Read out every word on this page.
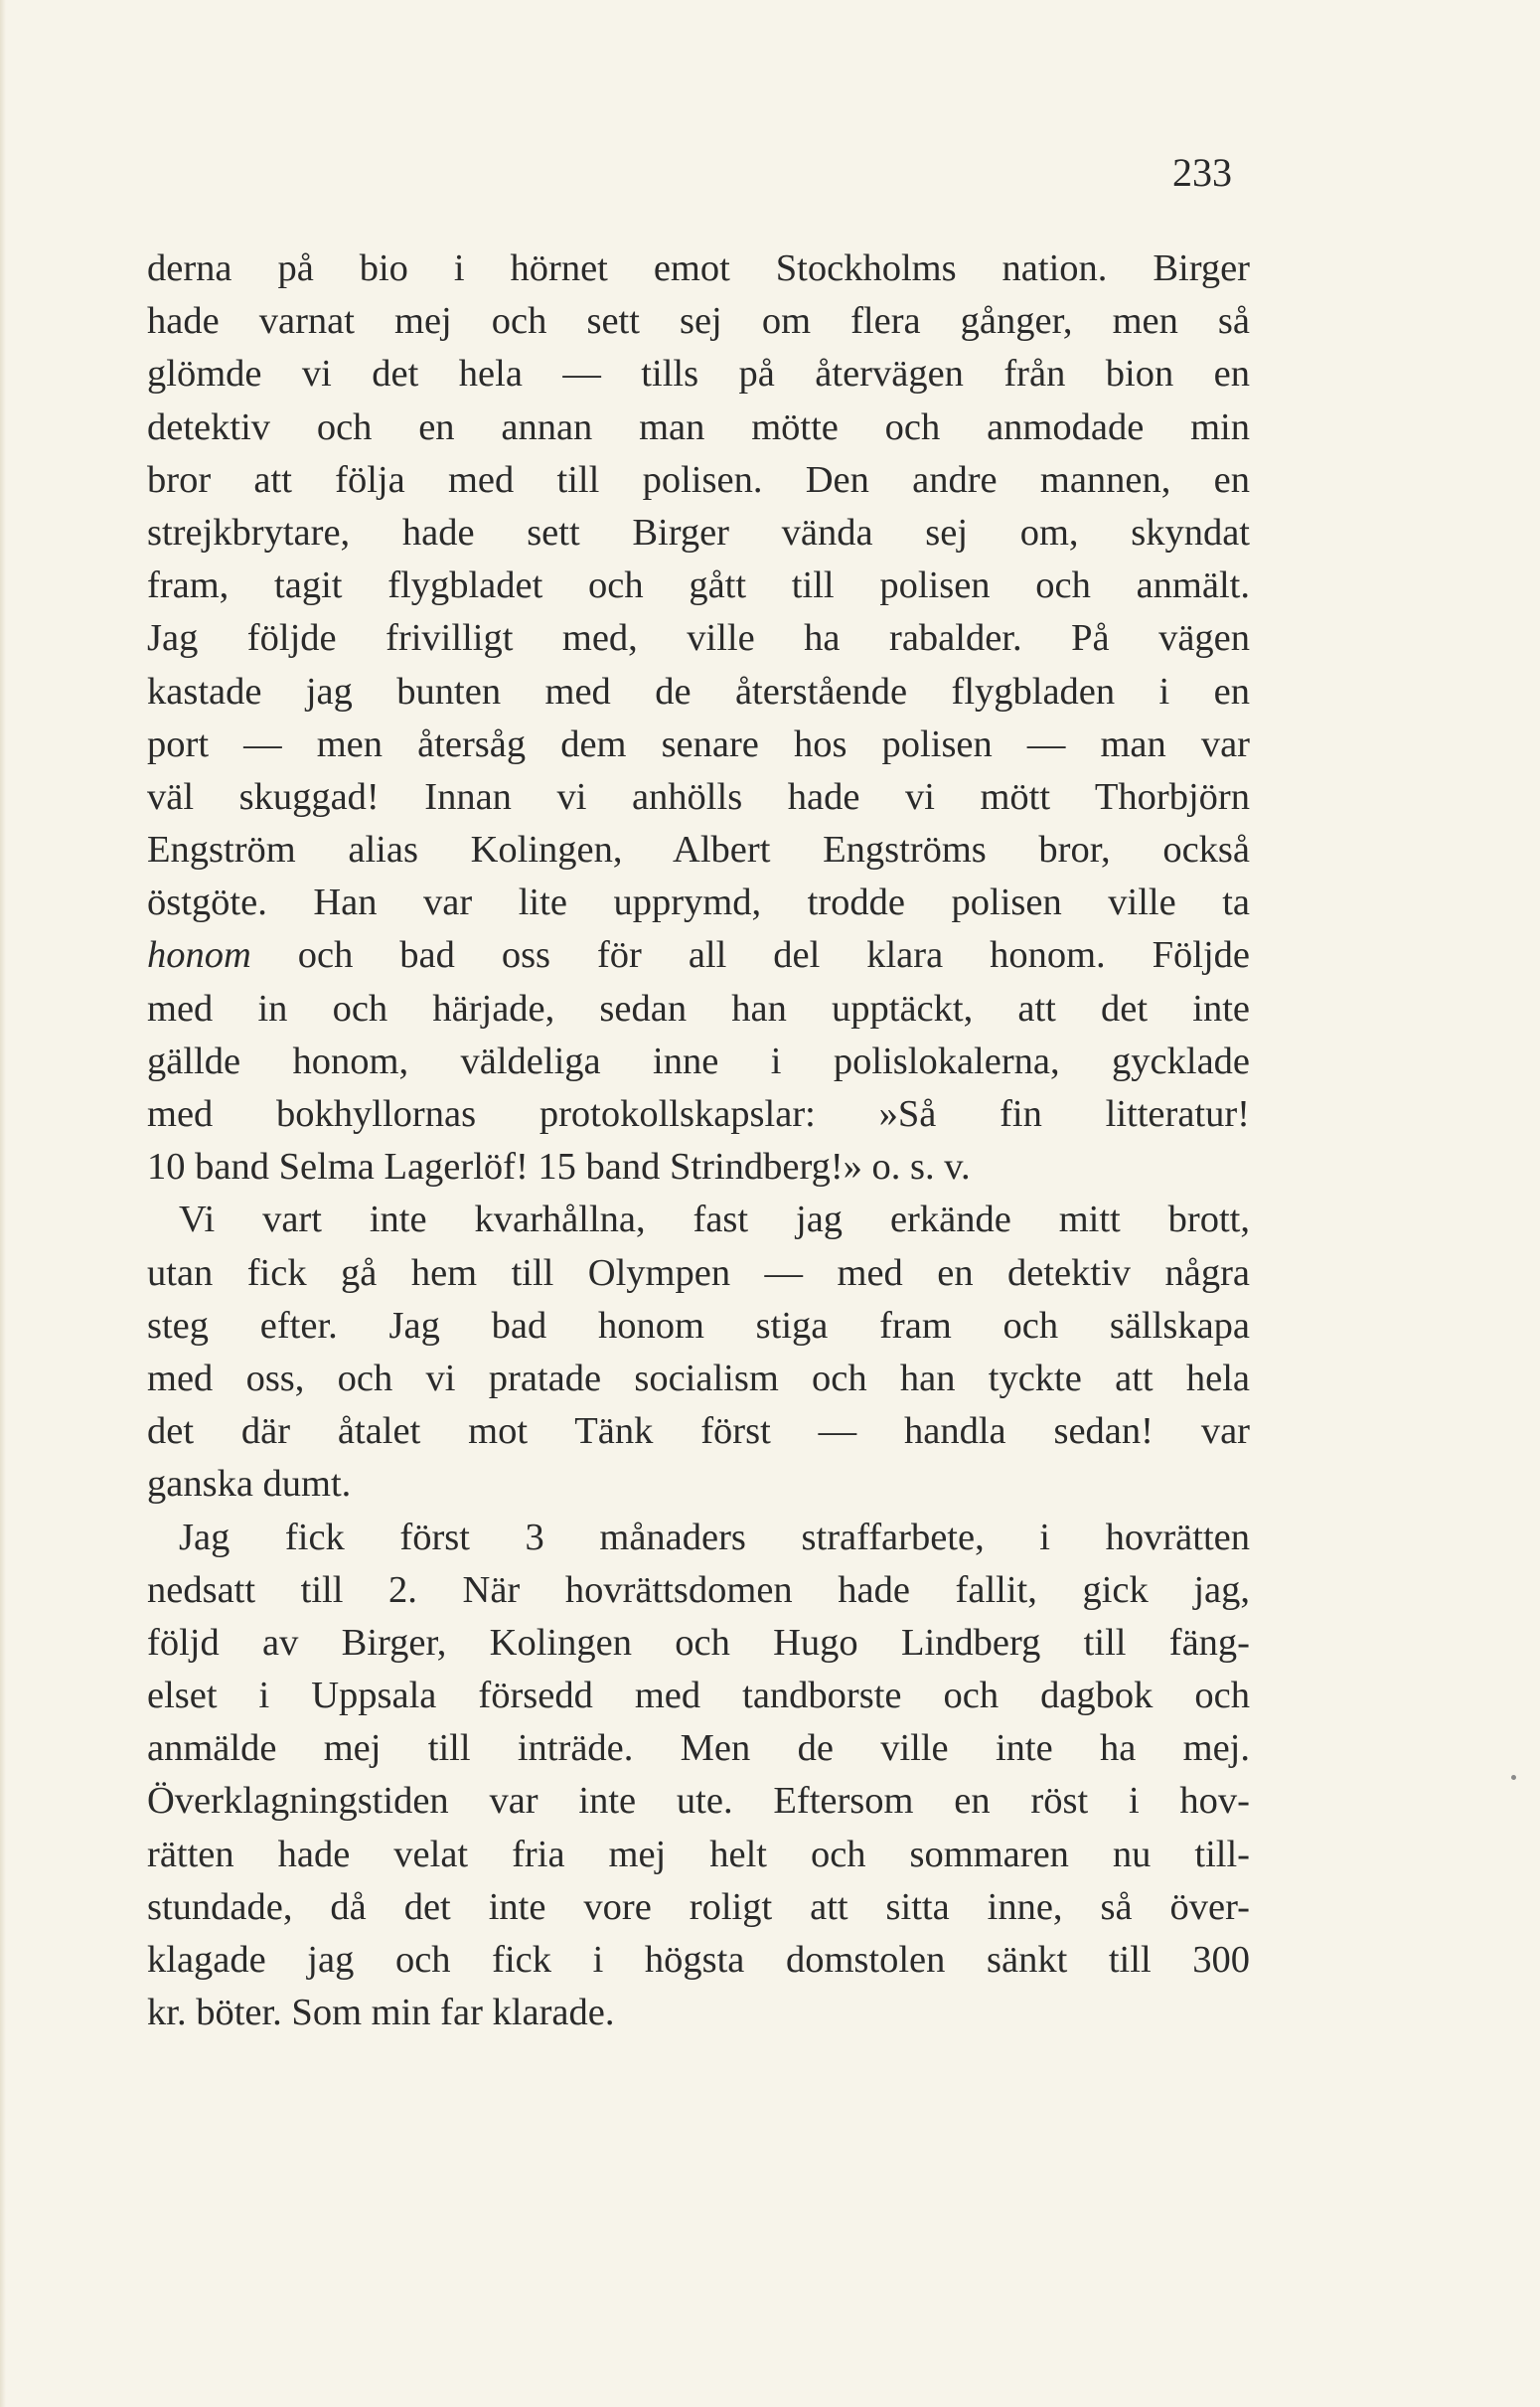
233
derna på bio i hörnet emot Stockholms nation. Birger
hade varnat mej och sett sej om flera gånger, men så
glömde vi det hela — tills på återvägen från bion en
detektiv och en annan man mötte och anmodade min
bror att följa med till polisen. Den andre mannen, en
strejkbrytare, hade sett Birger vända sej om, skyndat
fram, tagit flygbladet och gått till polisen och anmält.
Jag följde frivilligt med, ville ha rabalder. På vägen
kastade jag bunten med de återstående flygbladen i en
port — men återsåg dem senare hos polisen — man var
väl skuggad! Innan vi anhölls hade vi mött Thorbjörn
Engström alias Kolingen, Albert Engströms bror, också
östgöte. Han var lite upprymd, trodde polisen ville ta
honom och bad oss för all del klara honom. Följde
med in och härjade, sedan han upptäckt, att det inte
gällde honom, väldeliga inne i polislokalerna, gycklade
med bokhyllornas protokollskapslar: »Så fin litteratur!
10 band Selma Lagerlöf! 15 band Strindberg!» o. s. v.
Vi vart inte kvarhållna, fast jag erkände mitt brott,
utan fick gå hem till Olympen — med en detektiv några
steg efter. Jag bad honom stiga fram och sällskapa
med oss, och vi pratade socialism och han tyckte att hela
det där åtalet mot Tänk först — handla sedan! var
ganska dumt.
Jag fick först 3 månaders straffarbete, i hovrätten
nedsatt till 2. När hovrättsdomen hade fallit, gick jag,
följd av Birger, Kolingen och Hugo Lindberg till fäng-
elset i Uppsala försedd med tandborste och dagbok och
anmälde mej till inträde. Men de ville inte ha mej.
Överklagningstiden var inte ute. Eftersom en röst i hov-
rätten hade velat fria mej helt och sommaren nu till-
stundade, då det inte vore roligt att sitta inne, så över-
klagade jag och fick i högsta domstolen sänkt till 300
kr. böter. Som min far klarade.
